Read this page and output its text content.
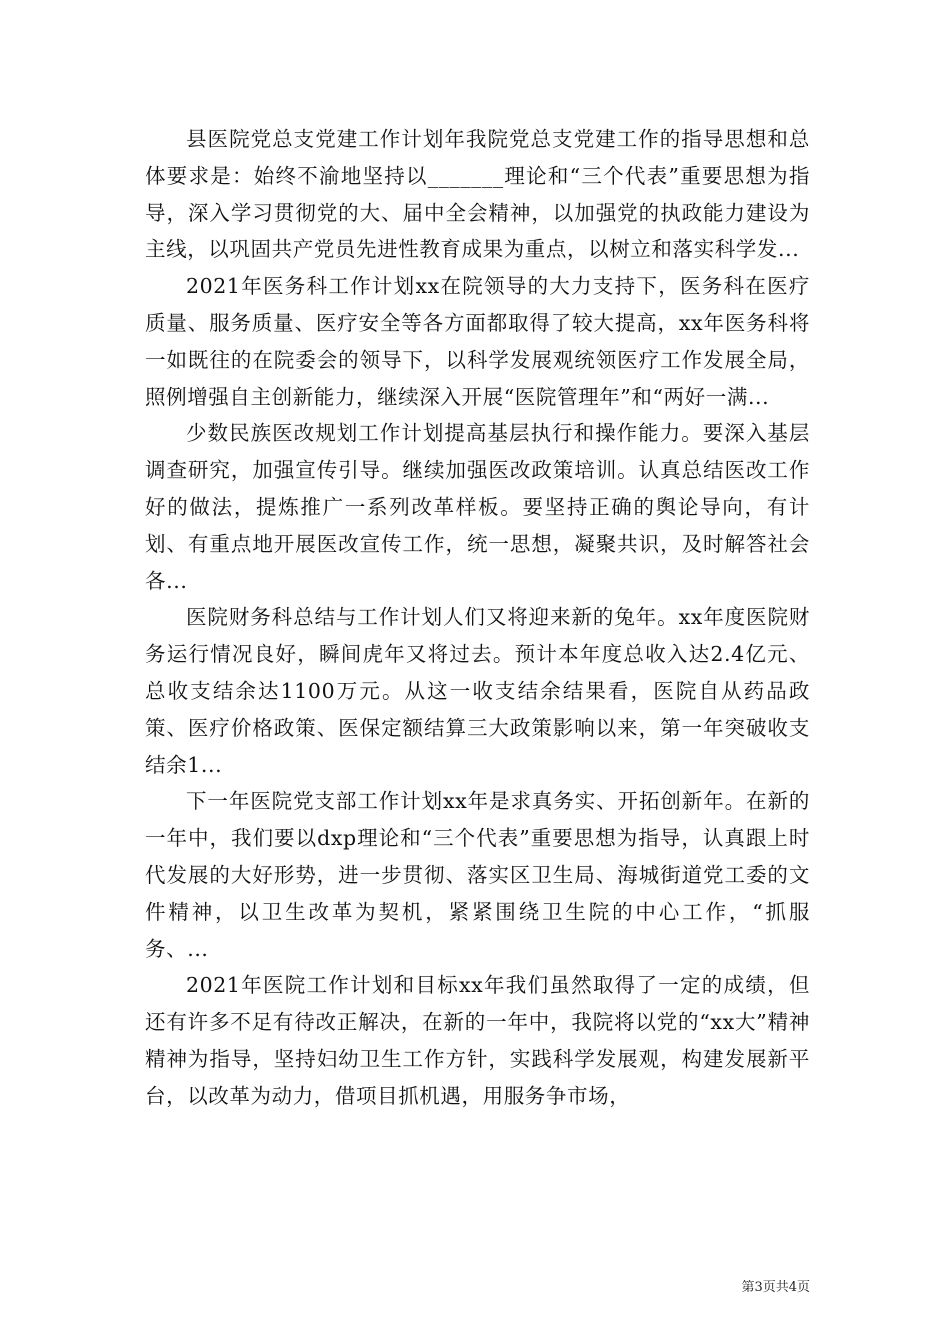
县医院党总支党建工作计划年我院党总支党建工作的指导思想和总体要求是：始终不渝地坚持以_______理论和“三个代表”重要思想为指导，深入学习贯彻党的大、届中全会精神，以加强党的执政能力建设为主线，以巩固共产党员先进性教育成果为重点，以树立和落实科学发...

2021年医务科工作计划xx在院领导的大力支持下，医务科在医疗质量、服务质量、医疗安全等各方面都取得了较大提高，xx年医务科将一如既往的在院委会的领导下，以科学发展观统领医疗工作发展全局，照例增强自主创新能力，继续深入开展“医院管理年”和“两好一满...

少数民族医改规划工作计划提高基层执行和操作能力。要深入基层调查研究，加强宣传引导。继续加强医改政策培训。认真总结医改工作好的做法，提炼推广一系列改革样板。要坚持正确的舆论导向，有计划、有重点地开展医改宣传工作，统一思想，凝聚共识，及时解答社会各...

医院财务科总结与工作计划人们又将迎来新的兔年。xx年度医院财务运行情况良好，瞬间虎年又将过去。预计本年度总收入达2.4亿元、总收支结余达1100万元。从这一收支结余结果看，医院自从药品政策、医疗价格政策、医保定额结算三大政策影响以来，第一年突破收支结余1...

下一年医院党支部工作计划xx年是求真务实、开拓创新年。在新的一年中，我们要以dxp理论和“三个代表”重要思想为指导，认真跟上时代发展的大好形势，进一步贯彻、落实区卫生局、海城街道党工委的文件精神，以卫生改革为契机，紧紧围绕卫生院的中心工作，“抓服务、...

2021年医院工作计划和目标xx年我们虽然取得了一定的成绩，但还有许多不足有待改正解决，在新的一年中，我院将以党的“xx大”精神精神为指导，坚持妇幼卫生工作方针，实践科学发展观，构建发展新平台，以改革为动力，借项目抓机遇，用服务争市场，

第3页共4页
